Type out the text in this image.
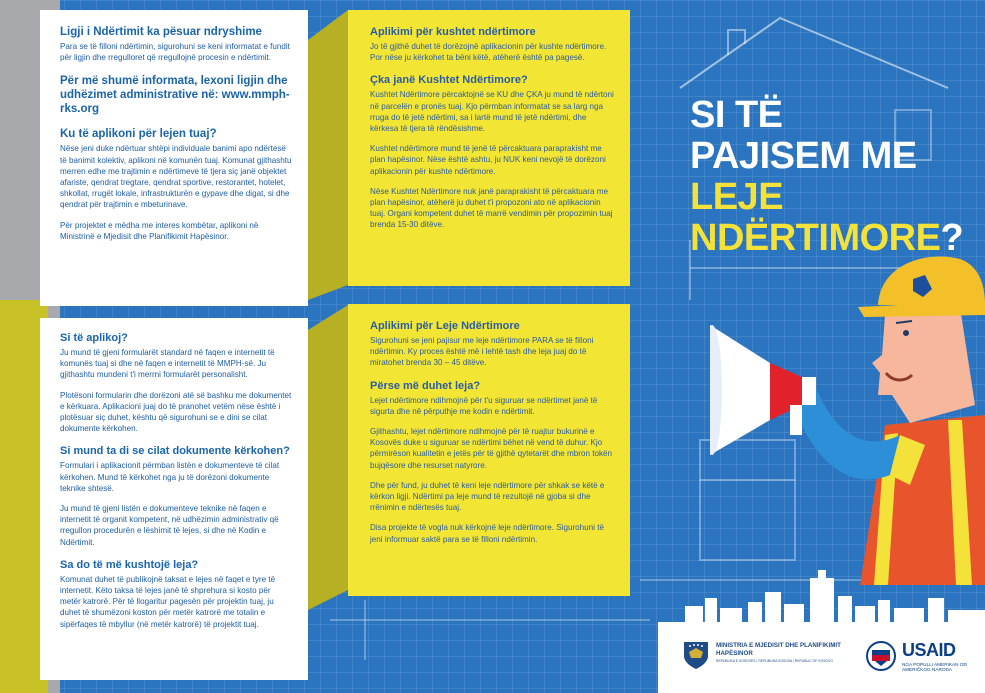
Ligji i Ndërtimit ka pësuar ndryshime

Para se të filloni ndërtimin, sigurohuni se keni informatat e fundit për ligjin dhe rregulloret që rregullojnë procesin e ndërtimit.

Për më shumë informata, lexoni ligjin dhe udhëzimet administrative në: www.mmph-rks.org
Ku të aplikoni për lejen tuaj?

Nëse jeni duke ndërtuar shtëpi individuale banimi apo ndërtesë të banimit kolektiv, aplikoni në komunën tuaj. Komunat gjithashtu merren edhe me trajtimin e ndërtimeve të tjera siç janë objektet afariste, qendrat tregtare, qendrat sportive, restorantet, hotelet, shkollat, rrugët lokale, infrastrukturën e gypave dhe digat, si dhe qendrat për trajtimin e mbeturinave.

Për projektet e mëdha me interes kombëtar, aplikoni në Ministrinë e Mjedisit dhe Planifikimit Hapësinor.

Si të aplikoj?

Ju mund të gjeni formularët standard në faqen e internetit të komunës tuaj si dhe në faqen e internetit të MMPH-së. Ju gjithashtu mundeni t'i merrni formularët personalisht.

Plotësoni formularin dhe dorëzoni atë së bashku me dokumentet e kërkuara. Aplikacioni juaj do të pranohet vetëm nëse është i plotësuar siç duhet, kështu që sigurohuni se e dini se cilat dokumente kërkohen.

Si mund ta di se cilat dokumente kërkohen?

Formulari i aplikacionit përmban listën e dokumenteve të cilat kërkohen. Mund të kërkohet nga ju të dorëzoni dokumente teknike shtesë.

Ju mund të gjeni listën e dokumenteve teknike në faqen e internetit të organit kompetent, në udhëzimin administrativ që rregullon procedurën e lëshimit të lejes, si dhe në Kodin e Ndërtimit.

Sa do të më kushtojë leja?

Komunat duhet të publikojnë taksat e lejes në faqet e tyre të internetit. Këto taksa të lejes janë të shprehura si kosto për metër katrorë. Për të llogaritur pagesën për projektin tuaj, ju duhet të shumëzoni koston për metër katrorë me totalin e sipërfaqes të mbyllur (në metër katrorë) të projektit tuaj.

Aplikimi për kushtet ndërtimore

Jo të gjithë duhet të dorëzojnë aplikacionin për kushte ndërtimore. Por nëse ju kërkohet ta bëni këtë, atëherë është pa pagesë.

Çka janë Kushtet Ndërtimore?

Kushtet Ndërtimore përcaktojnë se KU dhe ÇKA ju mund të ndërtoni në parcelën e pronës tuaj. Kjo përmban informatat se sa larg nga rruga do të jetë ndërtimi, sa i lartë mund të jetë ndërtimi, dhe kërkesa të tjera të rëndësishme.

Kushtet ndërtimore mund të jenë të përcaktuara paraprakisht me plan hapësinor. Nëse është ashtu, ju NUK keni nevojë të dorëzoni aplikacionin për kushte ndërtimore.

Nëse Kushtet Ndërtimore nuk janë paraprakisht të përcaktuara me plan hapësinor, atëherë ju duhet t'i propozoni ato në aplikacionin tuaj. Organi kompetent duhet të marrë vendimin për propozimin tuaj brenda 15-30 ditëve.

Aplikimi për Leje Ndërtimore

Sigurohuni se jeni pajisur me leje ndërtimore PARA se të filloni ndërtimin. Ky proces është më i lehtë tash dhe leja juaj do të miratohet brenda 30 – 45 ditëve.

Përse më duhet leja?

Lejet ndërtimore ndihmojnë për t'u siguruar se ndërtimet janë të sigurta dhe në përputhje me kodin e ndërtimit.

Gjithashtu, lejet ndërtimore ndihmojnë për të ruajtur bukurinë e Kosovës duke u siguruar se ndërtimi bëhet në vend të duhur. Kjo përmirëson kualitetin e jetës për të gjithë qytetarët dhe mbron tokën bujqësore dhe resurset natyrore.

Dhe për fund, ju duhet të keni leje ndërtimore për shkak se këtë e kërkon ligji. Ndërtimi pa leje mund të rezultojë në gjoba si dhe rrënimin e ndërtesës tuaj.

Disa projekte të vogla nuk kërkojnë leje ndërtimore. Sigurohuni të jeni informuar saktë para se të filloni ndërtimin.

SI TË
PAJISEM ME
LEJE
NDËRTIMORE?
MINISTRIA E MJEDISIT DHE PLANIFIKIMIT HAPËSINOR
REPUBLIKA E KOSOVËS | REPUBLIKA KOSOVA | REPUBLIC OF KOSOVO
USAID
NGA POPULLI AMERIKAN OD AMERIČKOG NARODA
